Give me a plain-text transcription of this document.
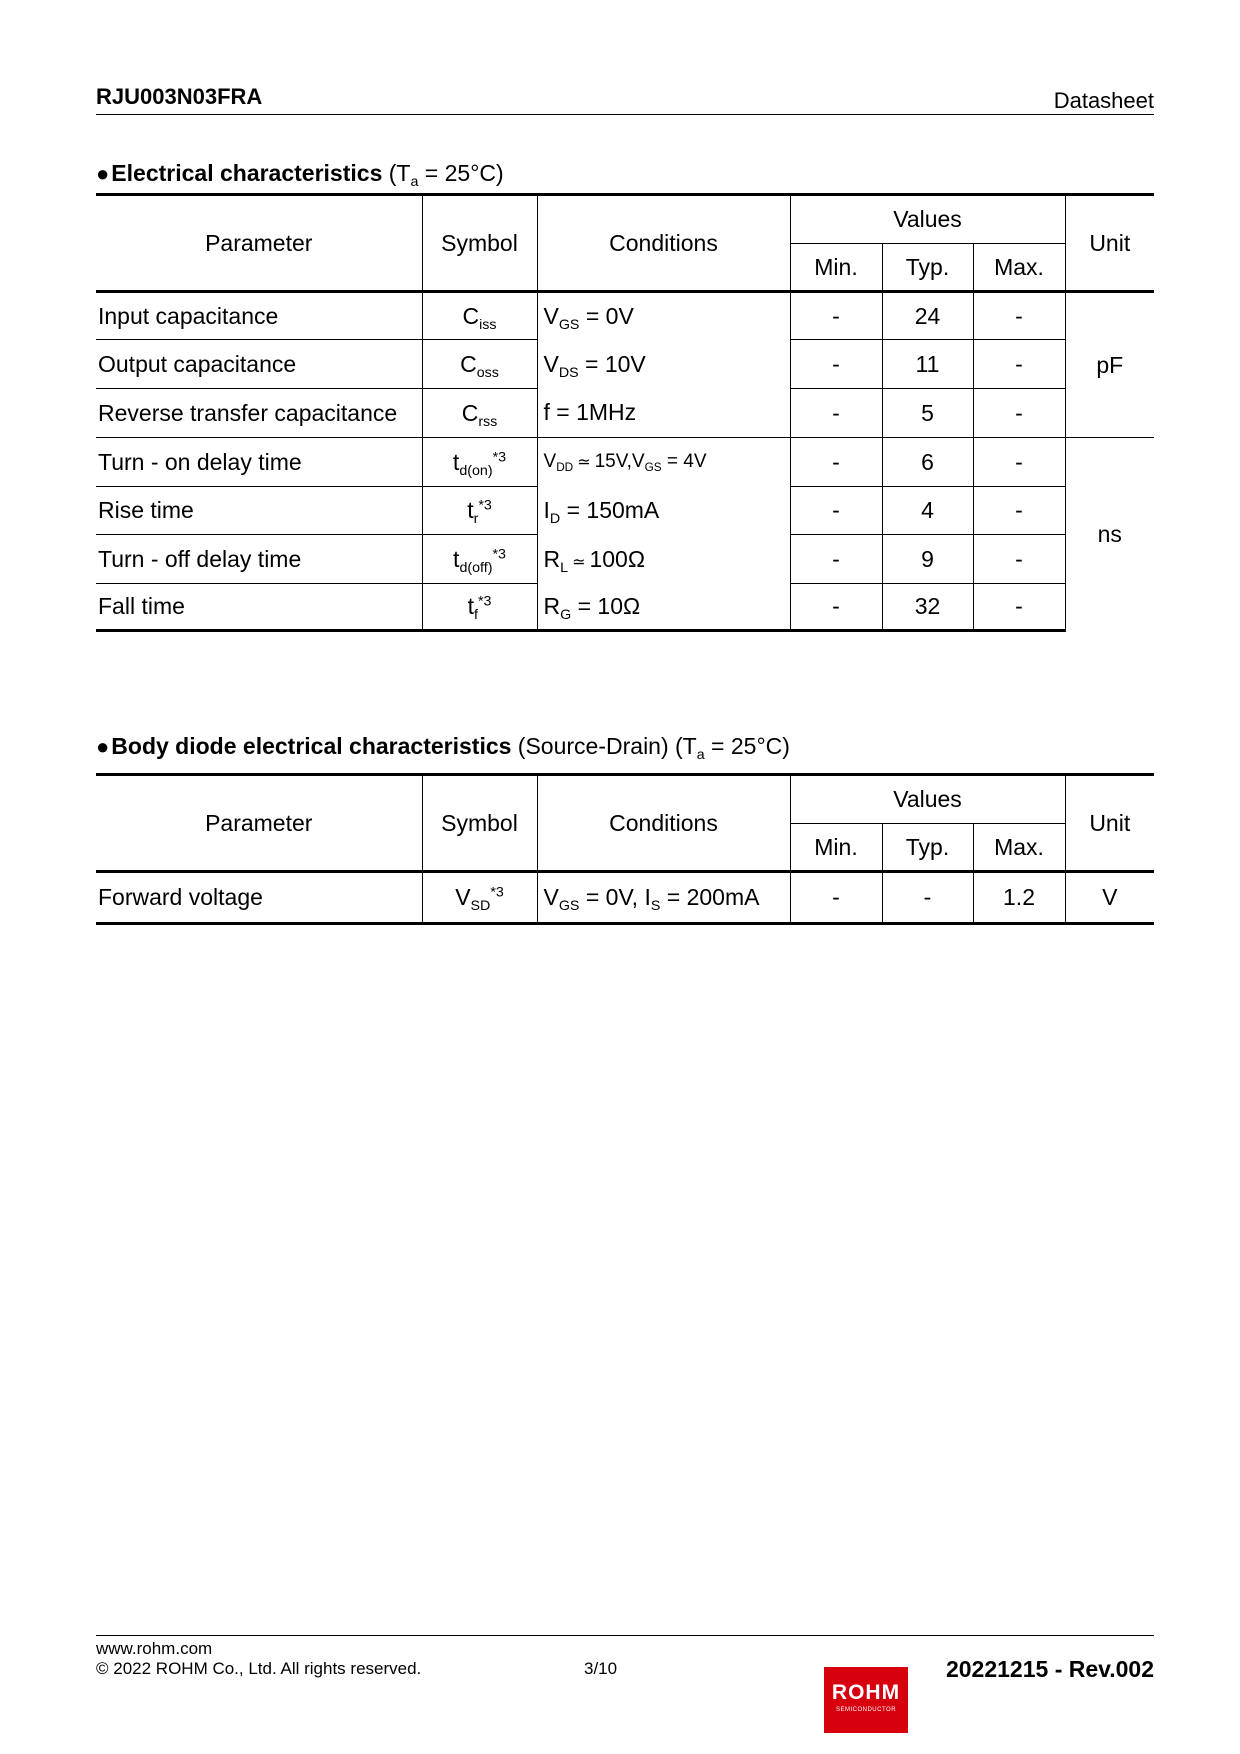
RJU003N03FRA	Datasheet
●Electrical characteristics $(T_a = 25^\circ C)$
Parameter	Symbol	Conditions	Values			Unit
			Min.	Typ.	Max.	
Input capacitance	$C_{iss}$	$V_{GS} = 0V$	-	24	-	pF
Output capacitance	$C_{oss}$	$V_{DS} = 10V$	-	11	-	
Reverse transfer capacitance	$C_{rss}$	f = 1MHz	-	5	-	
Turn - on delay time	$t_{d(on)}^{*3}$	$V_{DD}$ ≃ $15V,V_{GS} = 4V$	-	6	-	ns
Rise time	$t_r^{*3}$	$I_D = 150mA$	-	4	-	
Turn - off delay time	$t_{d(off)}^{*3}$	$R_L$ ≃ 100Ω	-	9	-	
Fall time	$t_f^{*3}$	$R_G = 10\Omega$	-	32	-	
●Body diode electrical characteristics (Source-Drain) $(T_a = 25^\circ C)$
Parameter	Symbol	Conditions	Values			Unit
			Min.	Typ.	Max.	
Forward voltage	$V_{SD}^{*3}$	$V_{GS} = 0V$, $I_S = 200mA$	-	-	1.2	V
www.rohm.com
© 2022 ROHM Co., Ltd. All rights reserved.	3/10	20221215 - Rev.002
ROHM
SEMICONDUCTOR
